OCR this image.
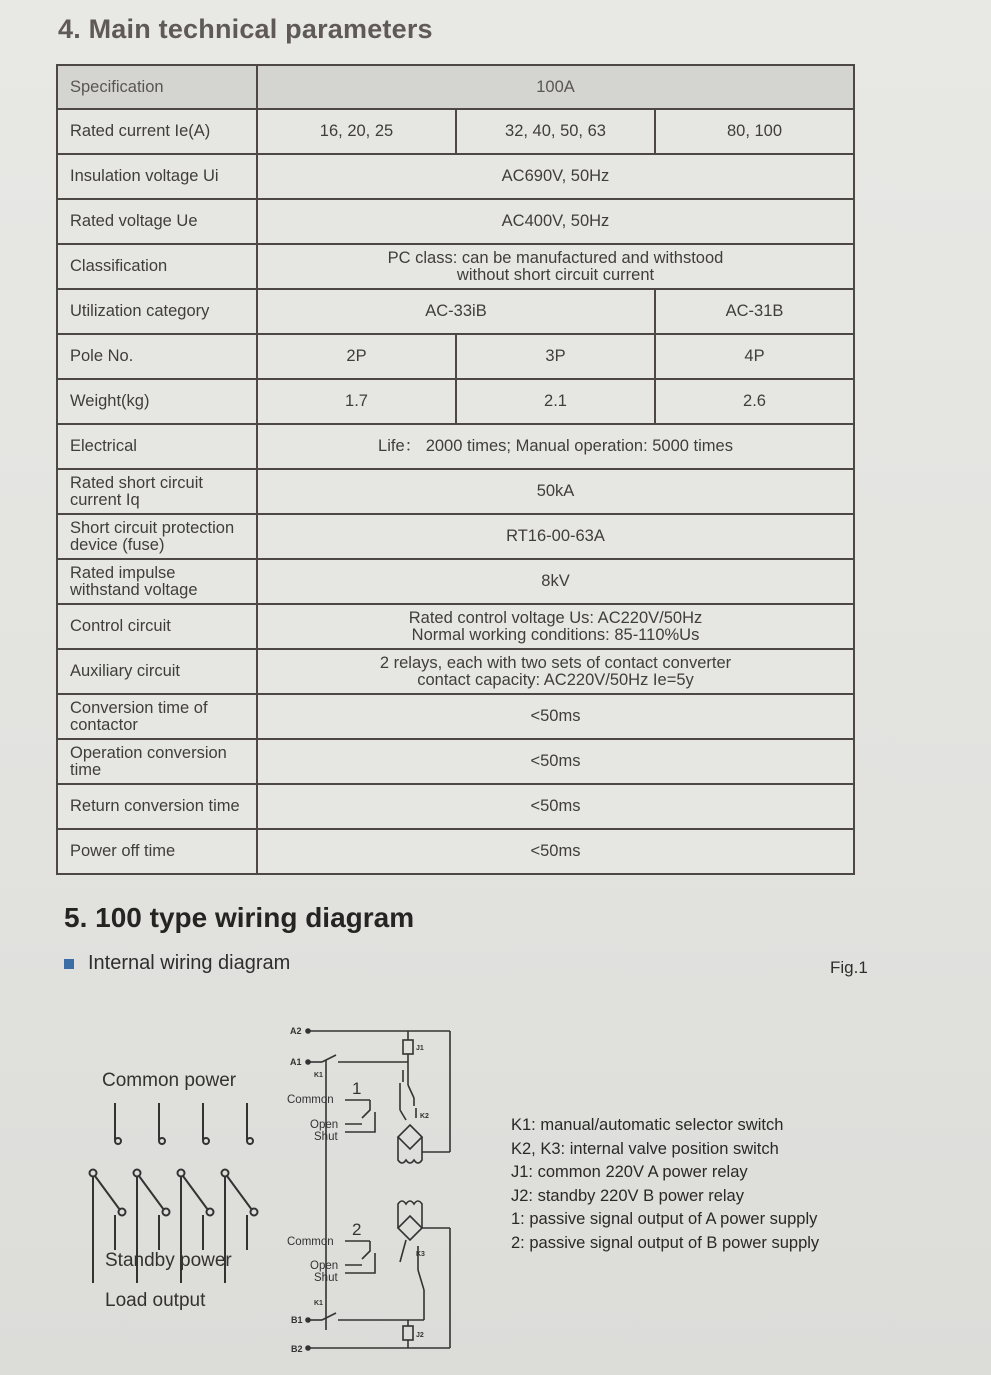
4. Main technical parameters
Specification	100A		
Rated current Ie(A)	16, 20, 25	32, 40, 50, 63	80, 100
Insulation voltage Ui	AC690V, 50Hz		
Rated voltage Ue	AC400V, 50Hz		
Classification	PC class: can be manufactured and withstood
without short circuit current		

Utilization category	AC-33iB		AC-31B
Pole No.	2P	3P	4P
Weight(kg)	1.7	2.1	2.6
Electrical	Life： 2000 times; Manual operation: 5000 times		

Rated short circuit
current Iq	50kA		

Short circuit protection
device (fuse)	RT16-00-63A		

Rated impulse
withstand voltage	8kV		
Control circuit	Rated control voltage Us: AC220V/50Hz
Normal working conditions: 85-110%Us		

Auxiliary circuit	2 relays, each with two sets of contact converter
contact capacity: AC220V/50Hz Ie=5y		

Conversion time of
contactor	<50ms		

Operation conversion
time	<50ms		
Return conversion time	<50ms		
Power off time	<50ms		
5. 100 type wiring diagram
Internal wiring diagram	Fig.1
Common power
Standby power
Load output
A2
A1
B1
B2
K1
K1
J1
J2
K2
K3
1
Common
Open
Shut
2
Common
Open
Shut
K1: manual/automatic selector switch
K2, K3: internal valve position switch
J1: common 220V A power relay
J2: standby 220V B power relay
1: passive signal output of A power supply
2: passive signal output of B power supply
